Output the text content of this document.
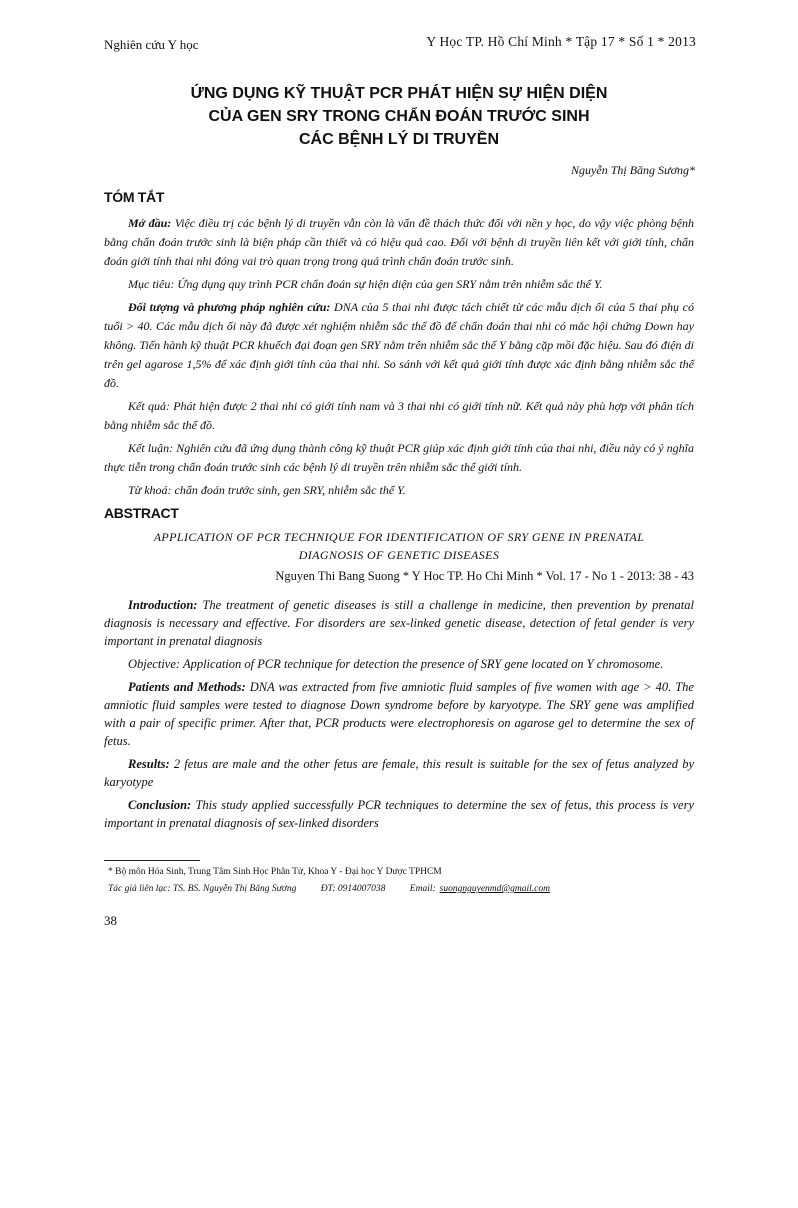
Nghiên cứu Y học	Y Học TP. Hồ Chí Minh * Tập 17 * Số 1 * 2013
ỨNG DỤNG KỸ THUẬT PCR PHÁT HIỆN SỰ HIỆN DIỆN
CỦA GEN SRY TRONG CHẨN ĐOÁN TRƯỚC SINH
CÁC BỆNH LÝ DI TRUYỀN
Nguyễn Thị Băng Sương*
TÓM TẮT

Mở đầu: Việc điều trị các bệnh lý di truyền vẫn còn là vấn đề thách thức đối với nền y học, do vậy việc phòng bệnh bằng chẩn đoán trước sinh là biện pháp cần thiết và có hiệu quả cao. Đối với bệnh di truyền liên kết với giới tính, chẩn đoán giới tính thai nhi đóng vai trò quan trọng trong quá trình chẩn đoán trước sinh.

Mục tiêu: Ứng dụng quy trình PCR chẩn đoán sự hiện diện của gen SRY nằm trên nhiễm sắc thể Y.

Đối tượng và phương pháp nghiên cứu: DNA của 5 thai nhi được tách chiết từ các mẫu dịch ối của 5 thai phụ có tuổi > 40. Các mẫu dịch ối này đã được xét nghiệm nhiễm sắc thể đồ để chẩn đoán thai nhi có mắc hội chứng Down hay không. Tiến hành kỹ thuật PCR khuếch đại đoạn gen SRY nằm trên nhiễm sắc thể Y bằng cặp mồi đặc hiệu. Sau đó điện di trên gel agarose 1,5% để xác định giới tính của thai nhi. So sánh với kết quả giới tính được xác định bằng nhiễm sắc thể đồ.

Kết quả: Phát hiện được 2 thai nhi có giới tính nam và 3 thai nhi có giới tính nữ. Kết quả này phù hợp với phân tích bằng nhiễm sắc thể đồ.

Kết luận: Nghiên cứu đã ứng dụng thành công kỹ thuật PCR giúp xác định giới tính của thai nhi, điều này có ý nghĩa thực tiễn trong chẩn đoán trước sinh các bệnh lý di truyền trên nhiễm sắc thể giới tính.

Từ khoá: chẩn đoán trước sinh, gen SRY, nhiễm sắc thể Y.

ABSTRACT
APPLICATION OF PCR TECHNIQUE FOR IDENTIFICATION OF SRY GENE IN PRENATAL
DIAGNOSIS OF GENETIC DISEASES
Nguyen Thi Bang Suong * Y Hoc TP. Ho Chi Minh * Vol. 17 - No 1 - 2013: 38 - 43

Introduction: The treatment of genetic diseases is still a challenge in medicine, then prevention by prenatal diagnosis is necessary and effective. For disorders are sex-linked genetic disease, detection of fetal gender is very important in prenatal diagnosis

Objective: Application of PCR technique for detection the presence of SRY gene located on Y chromosome.

Patients and Methods: DNA was extracted from five amniotic fluid samples of five women with age > 40. The amniotic fluid samples were tested to diagnose Down syndrome before by karyotype. The SRY gene was amplified with a pair of specific primer. After that, PCR products were electrophoresis on agarose gel to determine the sex of fetus.

Results: 2 fetus are male and the other fetus are female, this result is suitable for the sex of fetus analyzed by karyotype

Conclusion: This study applied successfully PCR techniques to determine the sex of fetus, this process is very important in prenatal diagnosis of sex-linked disorders

* Bộ môn Hóa Sinh, Trung Tâm Sinh Học Phân Tử, Khoa Y - Đại học Y Dược TPHCM
Tác giả liên lạc: TS. BS. Nguyễn Thị Băng Sương	ĐT: 0914007038	Email: suongnguyenmd@gmail.com
38
